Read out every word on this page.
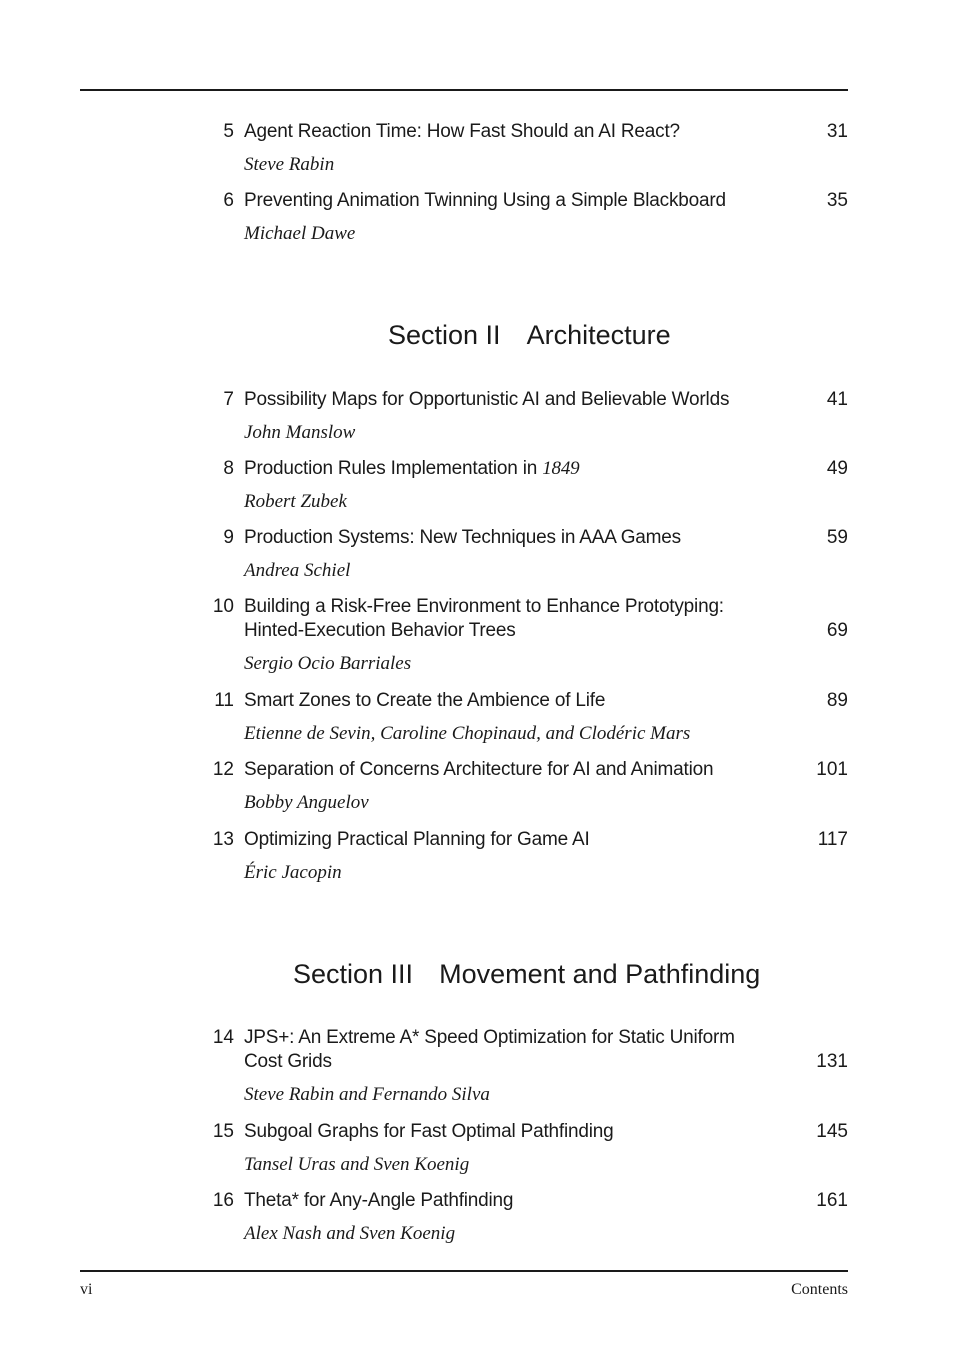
5 Agent Reaction Time: How Fast Should an AI React?	31
Steve Rabin
6 Preventing Animation Twinning Using a Simple Blackboard	35
Michael Dawe
Section II Architecture
7 Possibility Maps for Opportunistic AI and Believable Worlds	41
John Manslow
8 Production Rules Implementation in 1849	49
Robert Zubek
9 Production Systems: New Techniques in AAA Games	59
Andrea Schiel
10 Building a Risk-Free Environment to Enhance Prototyping:
Hinted-Execution Behavior Trees	69
Sergio Ocio Barriales
11 Smart Zones to Create the Ambience of Life	89
Etienne de Sevin, Caroline Chopinaud, and Clodéric Mars
12 Separation of Concerns Architecture for AI and Animation	101
Bobby Anguelov
13 Optimizing Practical Planning for Game AI	117
Éric Jacopin
Section III Movement and Pathfinding
14 JPS+: An Extreme A* Speed Optimization for Static Uniform
Cost Grids	131
Steve Rabin and Fernando Silva
15 Subgoal Graphs for Fast Optimal Pathfinding	145
Tansel Uras and Sven Koenig
16 Theta* for Any-Angle Pathfinding	161
Alex Nash and Sven Koenig
vi	Contents
